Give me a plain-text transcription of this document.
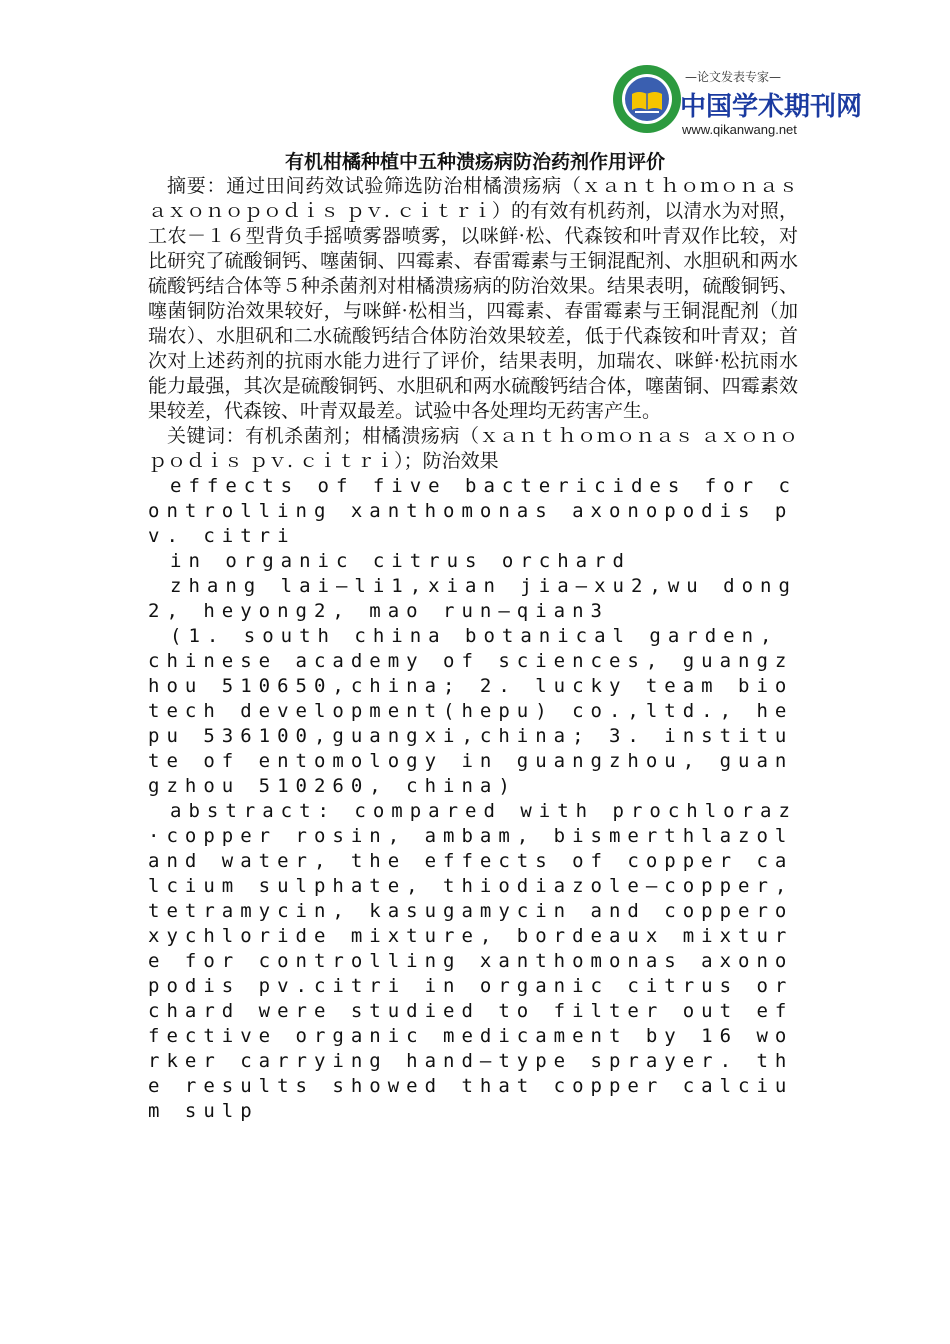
—论文发表专家—
中国学术期刊网
www.qikanwang.net
有机柑橘种植中五种溃疡病防治药剂作用评价

摘要：通过田间药效试验筛选防治柑橘溃疡病（ｘａｎｔｈｏｍｏｎａｓ ａｘｏｎｏｐｏｄｉｓ ｐｖ. ｃｉｔｒｉ）的有效有机药剂，以清水为对照，工农－１６型背负手摇喷雾器喷雾，以咪鲜·松、代森铵和叶青双作比较，对比研究了硫酸铜钙、噻菌铜、四霉素、春雷霉素与王铜混配剂、水胆矾和两水硫酸钙结合体等５种杀菌剂对柑橘溃疡病的防治效果。结果表明，硫酸铜钙、噻菌铜防治效果较好，与咪鲜·松相当，四霉素、春雷霉素与王铜混配剂（加瑞农）、水胆矾和二水硫酸钙结合体防治效果较差，低于代森铵和叶青双；首次对上述药剂的抗雨水能力进行了评价，结果表明，加瑞农、咪鲜·松抗雨水能力最强，其次是硫酸铜钙、水胆矾和两水硫酸钙结合体，噻菌铜、四霉素效果较差，代森铵、叶青双最差。试验中各处理均无药害产生。

关键词：有机杀菌剂；柑橘溃疡病（ｘａｎｔｈｏｍｏｎａｓ ａｘｏｎｏｐｏｄｉｓ ｐｖ. ｃｉｔｒｉ）；防治效果

effects of five bactericides for controlling xanthomonas axonopodis pv. citri

in organic citrus orchard

zhang lai—li1,xian jia—xu2,wu dong2, heyong2, mao run—qian3

(1. south china botanical garden, chinese academy of sciences, guangzhou 510650,china; 2. lucky team biotech development(hepu) co.,ltd., hepu 536100,guangxi,china; 3. institute of entomology in guangzhou, guangzhou 510260, china)

abstract: compared with prochloraz·copper rosin, ambam, bismerthlazol and water, the effects of copper calcium sulphate, thiodiazole—copper, tetramycin, kasugamycin and copperoxychloride mixture, bordeaux mixture for controlling xanthomonas axonopodis pv.citri in organic citrus orchard were studied to filter out effective organic medicament by 16 worker carrying hand—type sprayer. the results showed that copper calcium sulp
